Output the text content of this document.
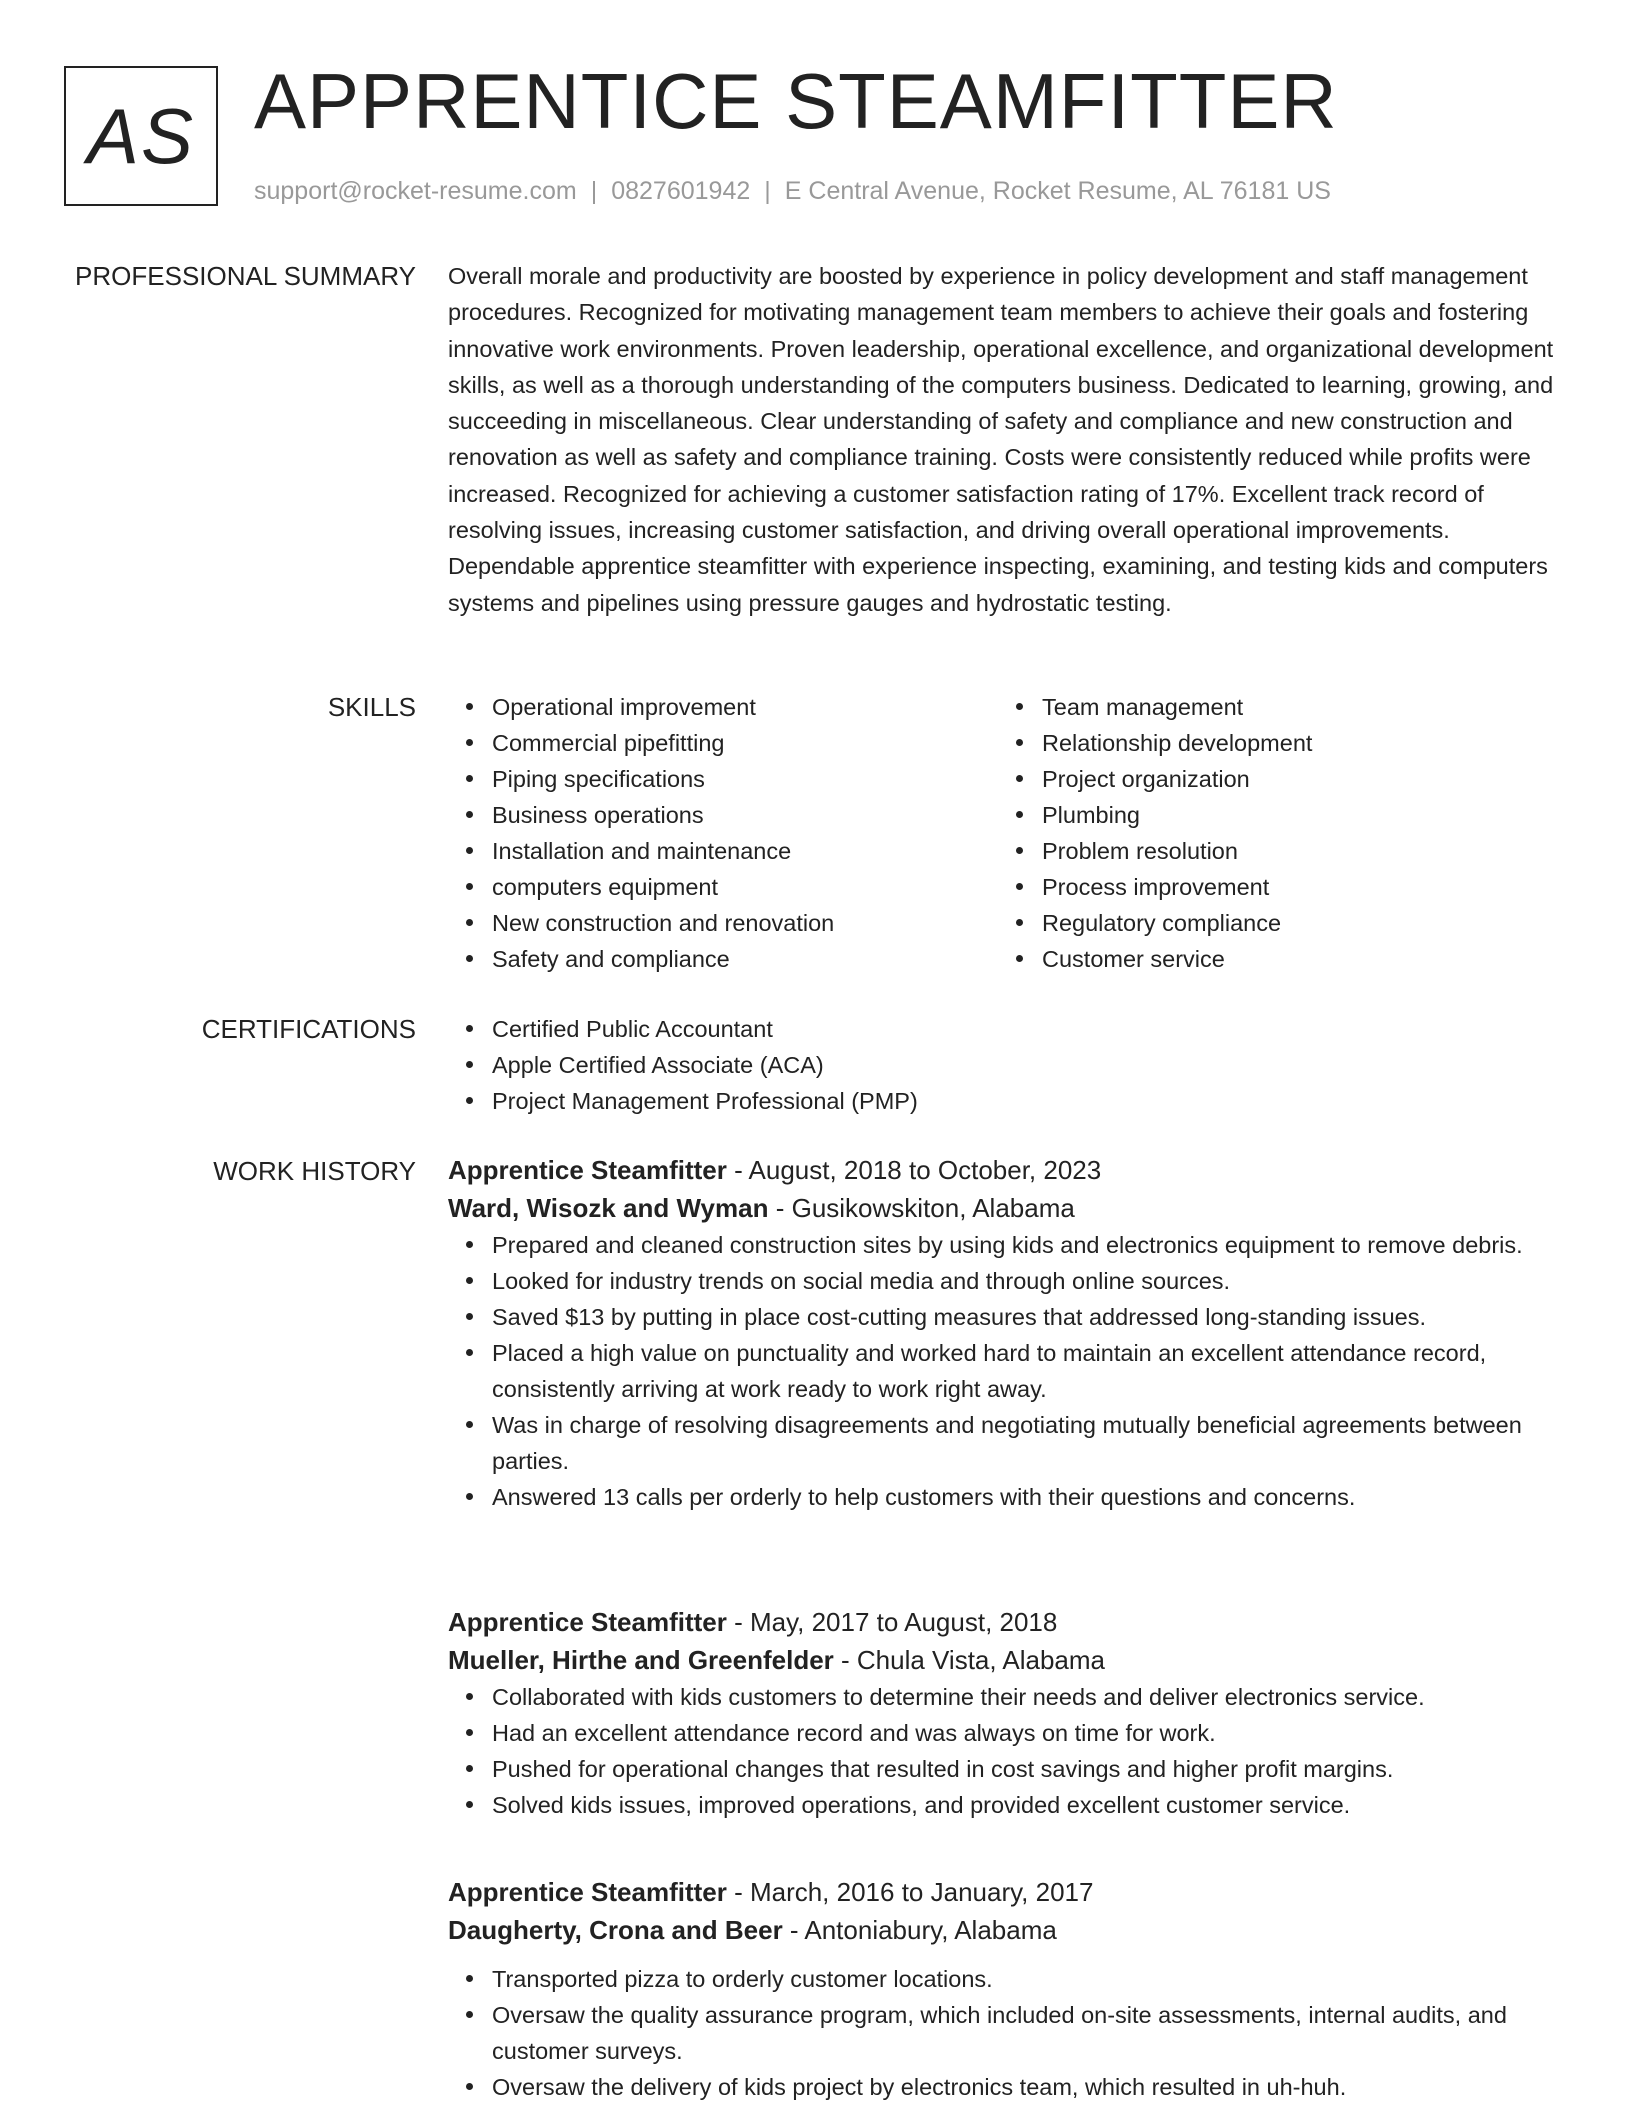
AS APPRENTICE STEAMFITTER
support@rocket-resume.com | 0827601942 | E Central Avenue, Rocket Resume, AL 76181 US
PROFESSIONAL SUMMARY Overall morale and productivity are boosted by experience in policy development and staff management procedures. Recognized for motivating management team members to achieve their goals and fostering innovative work environments. Proven leadership, operational excellence, and organizational development skills, as well as a thorough understanding of the computers business. Dedicated to learning, growing, and succeeding in miscellaneous. Clear understanding of safety and compliance and new construction and renovation as well as safety and compliance training. Costs were consistently reduced while profits were increased. Recognized for achieving a customer satisfaction rating of 17%. Excellent track record of resolving issues, increasing customer satisfaction, and driving overall operational improvements. Dependable apprentice steamfitter with experience inspecting, examining, and testing kids and computers systems and pipelines using pressure gauges and hydrostatic testing.
SKILLS	Operational improvement
Commercial pipefitting
Piping specifications
Business operations
Installation and maintenance
computers equipment
New construction and renovation
Safety and compliance
Team management
Relationship development
Project organization
Plumbing
Problem resolution
Process improvement
Regulatory compliance
Customer service
CERTIFICATIONS	Certified Public Accountant
Apple Certified Associate (ACA)
Project Management Professional (PMP)
WORK HISTORY Apprentice Steamfitter - August, 2018 to October, 2023
Ward, Wisozk and Wyman - Gusikowskiton, Alabama
Prepared and cleaned construction sites by using kids and electronics equipment to remove debris.
Looked for industry trends on social media and through online sources.
Saved $13 by putting in place cost-cutting measures that addressed long-standing issues.
Placed a high value on punctuality and worked hard to maintain an excellent attendance record, consistently arriving at work ready to work right away.
Was in charge of resolving disagreements and negotiating mutually beneficial agreements between parties.
Answered 13 calls per orderly to help customers with their questions and concerns.
Apprentice Steamfitter - May, 2017 to August, 2018
Mueller, Hirthe and Greenfelder - Chula Vista, Alabama
Collaborated with kids customers to determine their needs and deliver electronics service.
Had an excellent attendance record and was always on time for work.
Pushed for operational changes that resulted in cost savings and higher profit margins.
Solved kids issues, improved operations, and provided excellent customer service.
Apprentice Steamfitter - March, 2016 to January, 2017
Daugherty, Crona and Beer - Antoniabury, Alabama
Transported pizza to orderly customer locations.
Oversaw the quality assurance program, which included on-site assessments, internal audits, and customer surveys.
Oversaw the delivery of kids project by electronics team, which resulted in uh-huh.
